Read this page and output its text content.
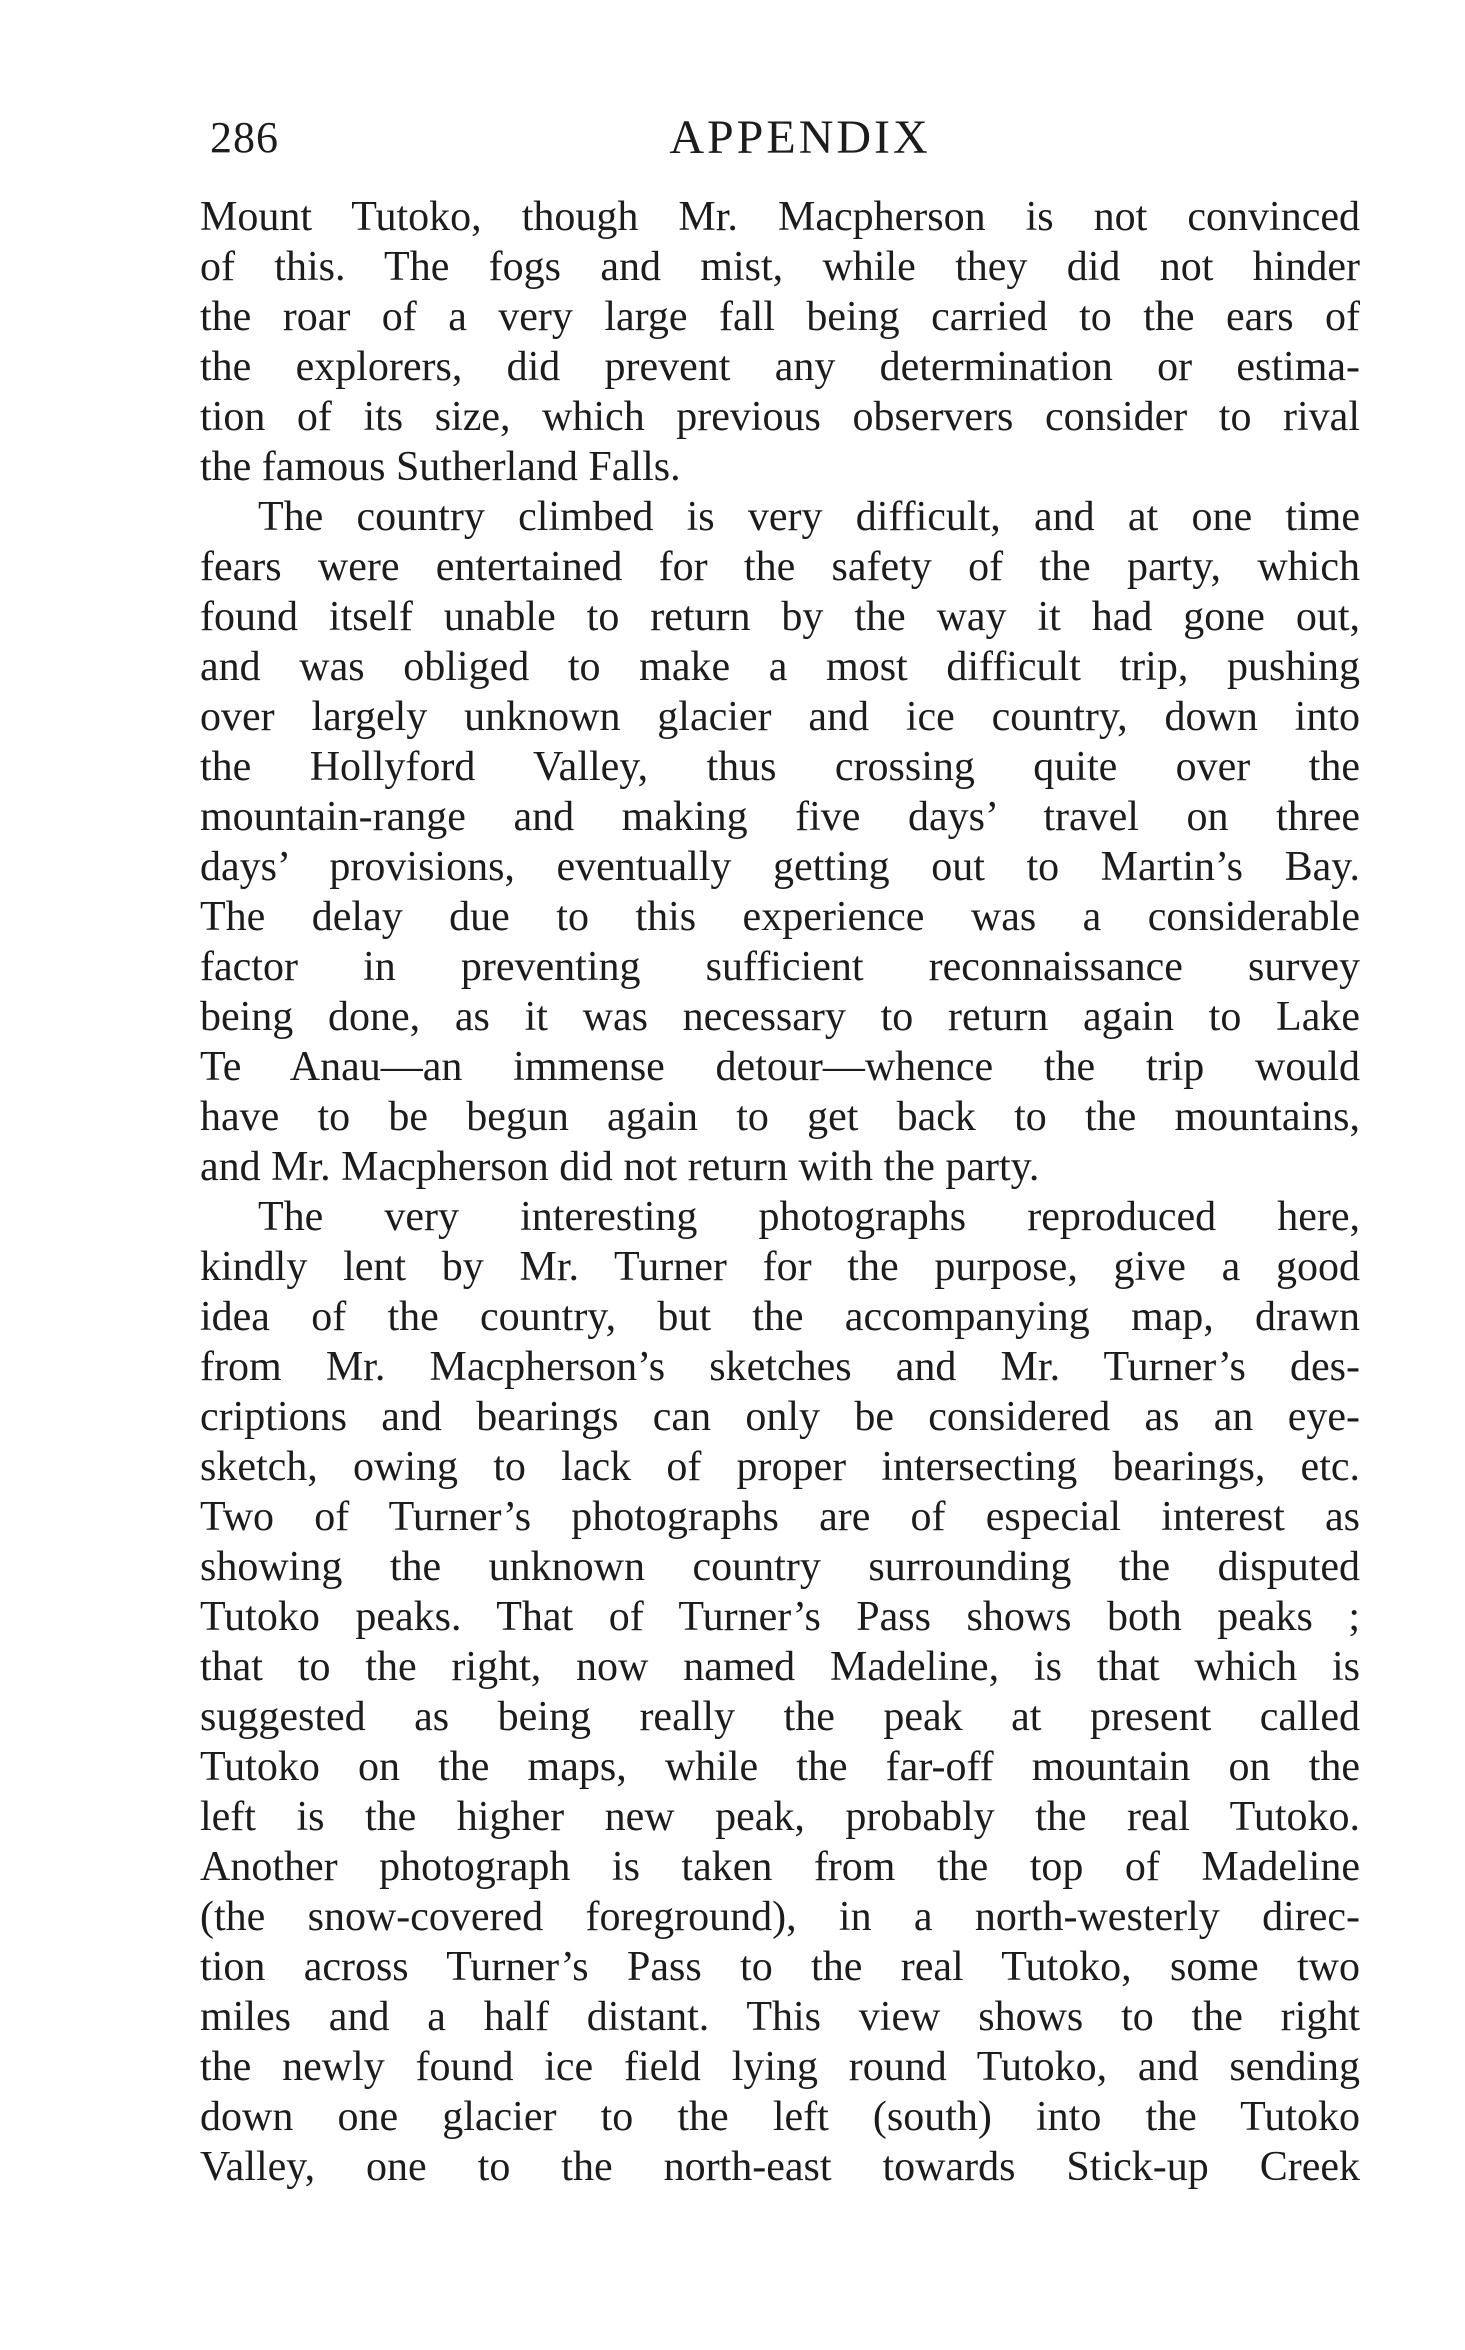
286	APPENDIX
Mount Tutoko, though Mr. Macpherson is not convinced
of this. The fogs and mist, while they did not hinder
the roar of a very large fall being carried to the ears of
the explorers, did prevent any determination or estima-
tion of its size, which previous observers consider to rival
the famous Sutherland Falls.
The country climbed is very difficult, and at one time
fears were entertained for the safety of the party, which
found itself unable to return by the way it had gone out,
and was obliged to make a most difficult trip, pushing
over largely unknown glacier and ice country, down into
the Hollyford Valley, thus crossing quite over the
mountain-range and making five days’ travel on three
days’ provisions, eventually getting out to Martin’s Bay.
The delay due to this experience was a considerable
factor in preventing sufficient reconnaissance survey
being done, as it was necessary to return again to Lake
Te Anau—an immense detour—whence the trip would
have to be begun again to get back to the mountains,
and Mr. Macpherson did not return with the party.
The very interesting photographs reproduced here,
kindly lent by Mr. Turner for the purpose, give a good
idea of the country, but the accompanying map, drawn
from Mr. Macpherson’s sketches and Mr. Turner’s des-
criptions and bearings can only be considered as an eye-
sketch, owing to lack of proper intersecting bearings, etc.
Two of Turner’s photographs are of especial interest as
showing the unknown country surrounding the disputed
Tutoko peaks. That of Turner’s Pass shows both peaks ;
that to the right, now named Madeline, is that which is
suggested as being really the peak at present called
Tutoko on the maps, while the far-off mountain on the
left is the higher new peak, probably the real Tutoko.
Another photograph is taken from the top of Madeline
(the snow-covered foreground), in a north-westerly direc-
tion across Turner’s Pass to the real Tutoko, some two
miles and a half distant. This view shows to the right
the newly found ice field lying round Tutoko, and sending
down one glacier to the left (south) into the Tutoko
Valley, one to the north-east towards Stick-up Creek
